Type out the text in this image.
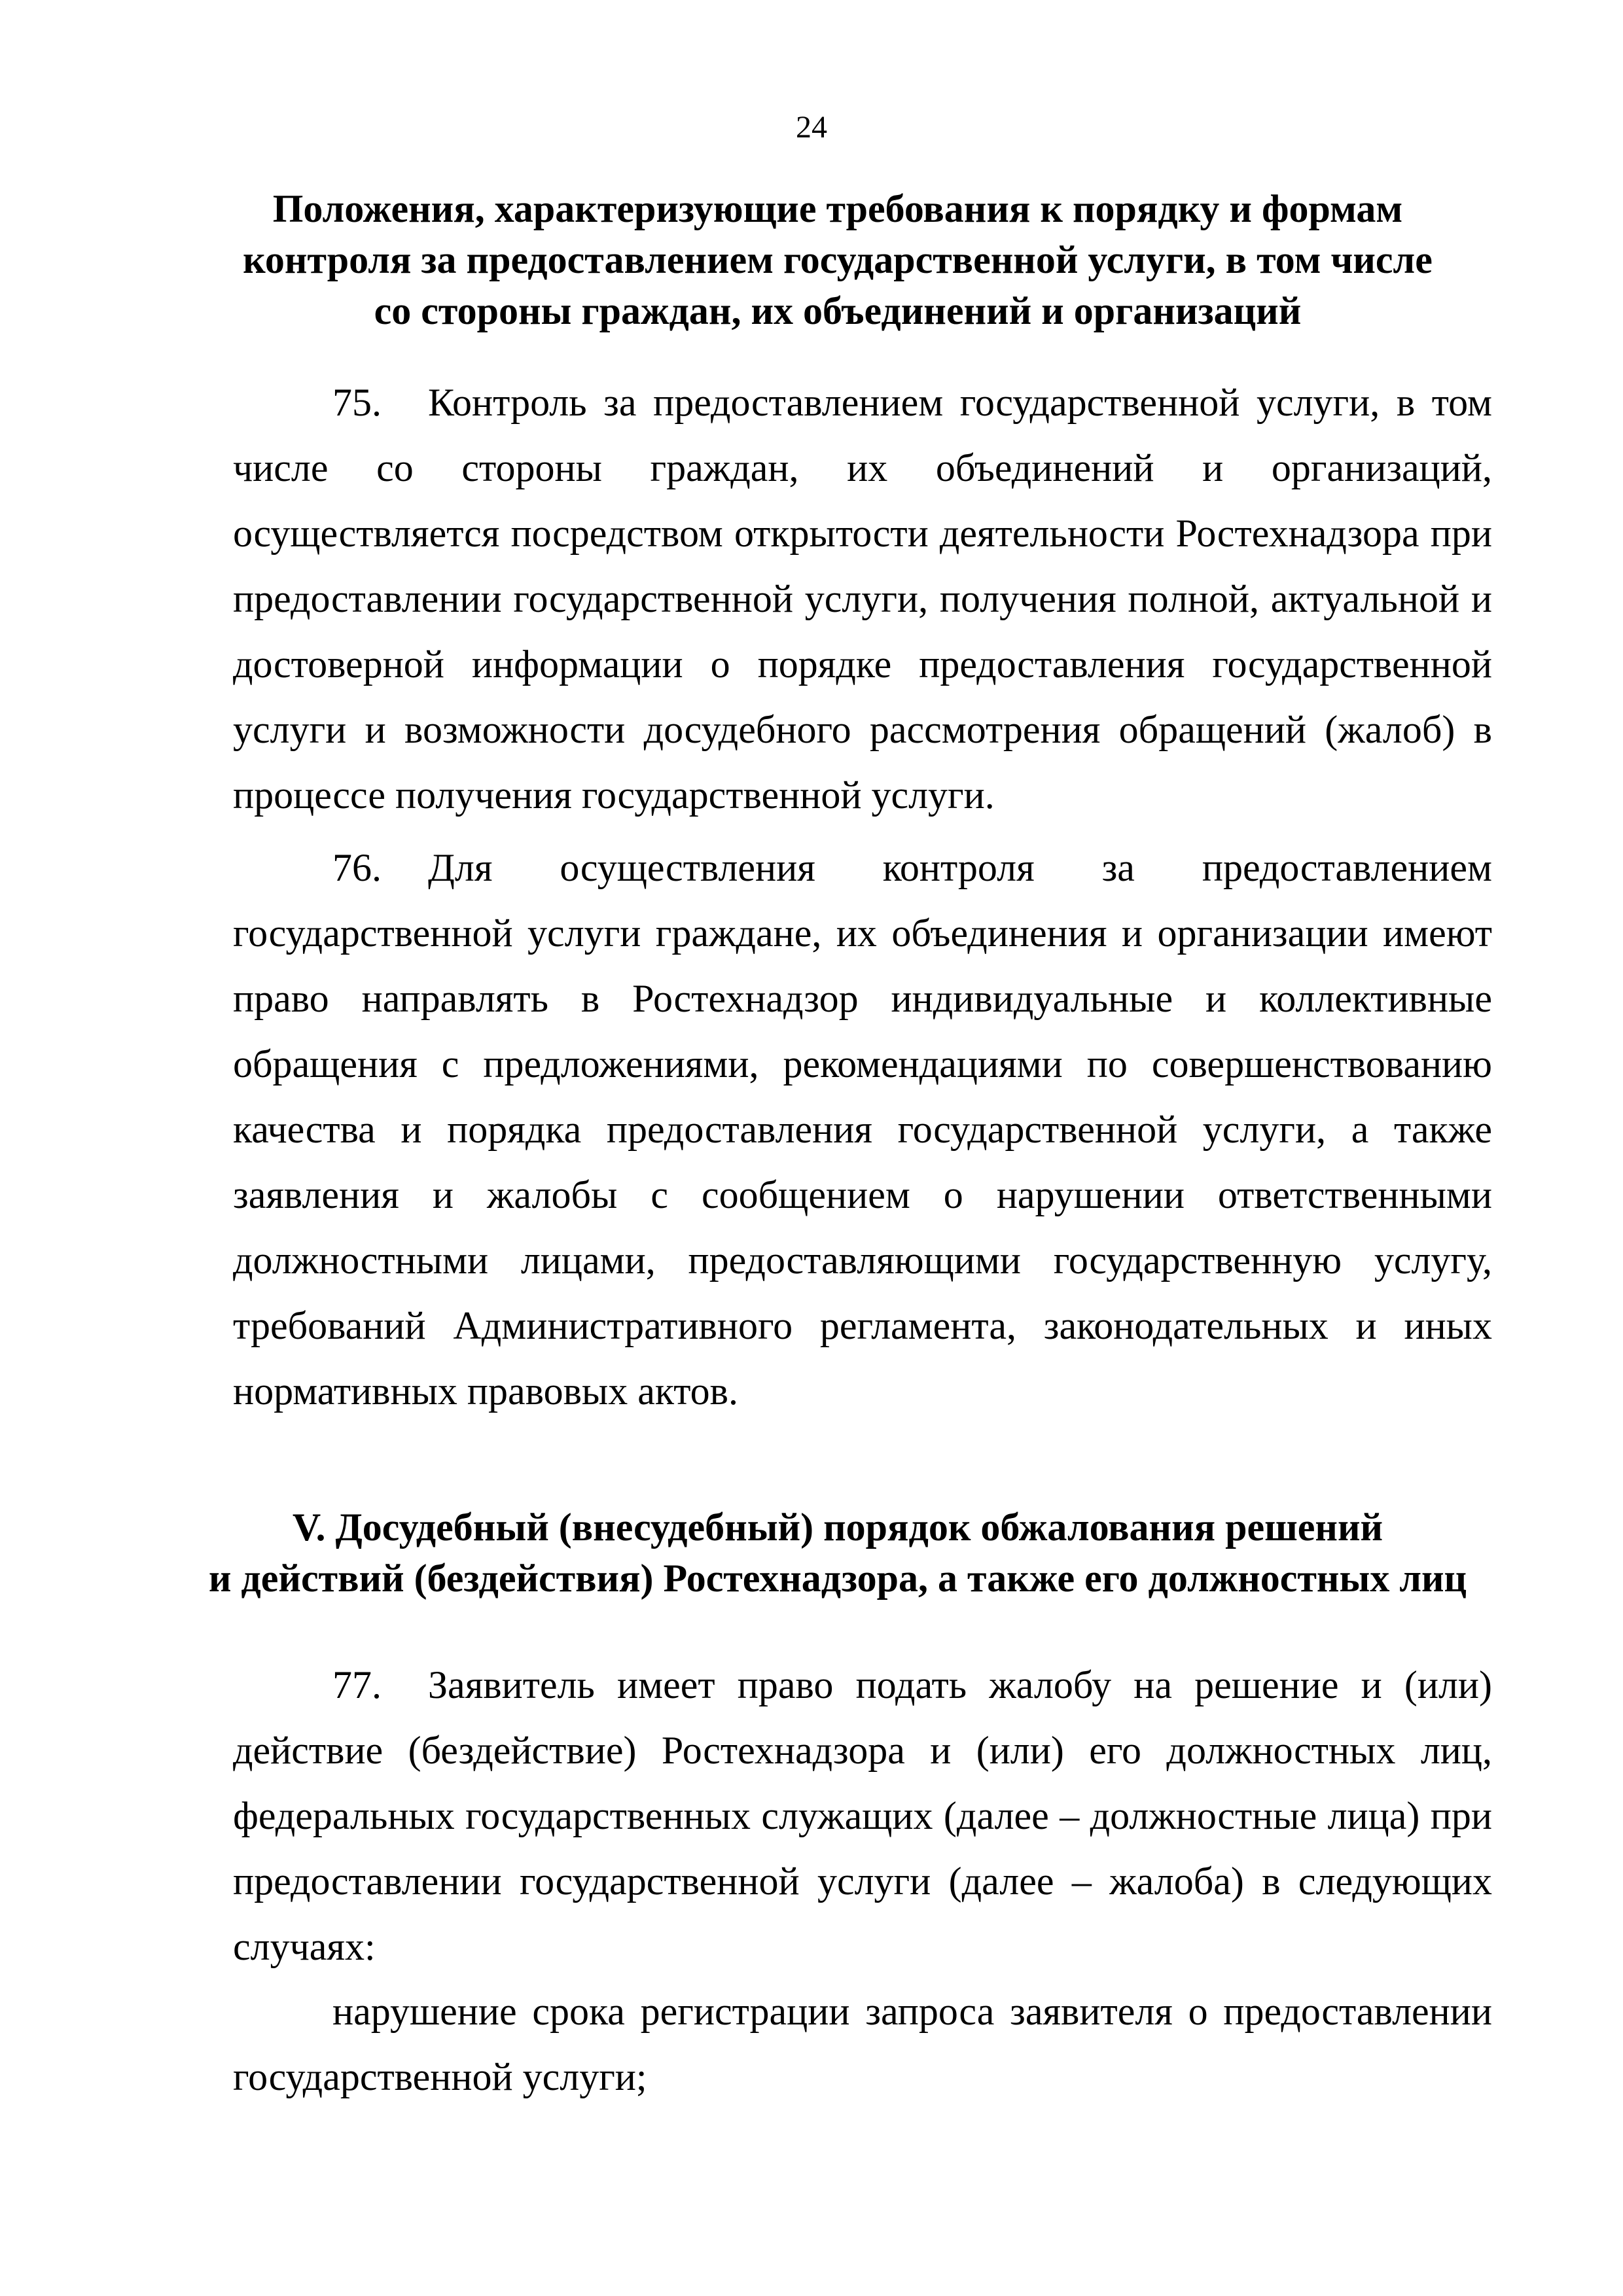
24
Положения, характеризующие требования к порядку и формам
контроля за предоставлением государственной услуги, в том числе
со стороны граждан, их объединений и организаций

75. Контроль за предоставлением государственной услуги, в том числе со стороны граждан, их объединений и организаций, осуществляется посредством открытости деятельности Ростехнадзора при предоставлении государственной услуги, получения полной, актуальной и достоверной информации о порядке предоставления государственной услуги и возможности досудебного рассмотрения обращений (жалоб) в процессе получения государственной услуги.

76. Для осуществления контроля за предоставлением государственной услуги граждане, их объединения и организации имеют право направлять в Ростехнадзор индивидуальные и коллективные обращения с предложениями, рекомендациями по совершенствованию качества и порядка предоставления государственной услуги, а также заявления и жалобы с сообщением о нарушении ответственными должностными лицами, предоставляющими государственную услугу, требований Административного регламента, законодательных и иных нормативных правовых актов.

V. Досудебный (внесудебный) порядок обжалования решений
и действий (бездействия) Ростехнадзора, а также его должностных лиц

77. Заявитель имеет право подать жалобу на решение и (или) действие (бездействие) Ростехнадзора и (или) его должностных лиц, федеральных государственных служащих (далее – должностные лица) при предоставлении государственной услуги (далее – жалоба) в следующих случаях:

нарушение срока регистрации запроса заявителя о предоставлении государственной услуги;
